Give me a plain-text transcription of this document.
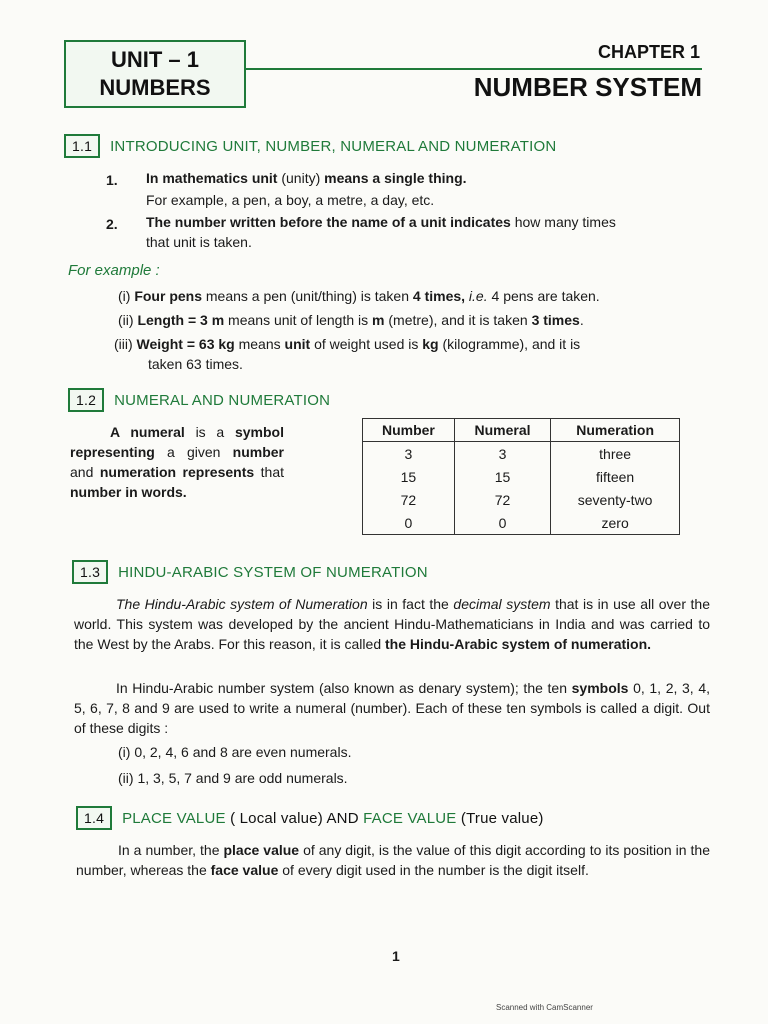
UNIT – 1
NUMBERS
CHAPTER 1
NUMBER SYSTEM
1.1	INTRODUCING UNIT, NUMBER, NUMERAL AND NUMERATION
1. In mathematics unit (unity) means a single thing.
For example, a pen, a boy, a metre, a day, etc.
2. The number written before the name of a unit indicates how many times
that unit is taken.
For example :
(i) Four pens means a pen (unit/thing) is taken 4 times, i.e. 4 pens are taken.
(ii) Length = 3 m means unit of length is m (metre), and it is taken 3 times.
(iii) Weight = 63 kg means unit of weight used is kg (kilogramme), and it is
taken 63 times.
1.2	NUMERAL AND NUMERATION
A numeral is a symbol representing a given number and numeration represents that number in words.
Number	Numeral	Numeration
3	3	three
15	15	fifteen
72	72	seventy-two
0	0	zero
1.3	HINDU-ARABIC SYSTEM OF NUMERATION
The Hindu-Arabic system of Numeration is in fact the decimal system that is in use all over the world. This system was developed by the ancient Hindu-Mathematicians in India and was carried to the West by the Arabs. For this reason, it is called the Hindu-Arabic system of numeration.
In Hindu-Arabic number system (also known as denary system); the ten symbols 0, 1, 2, 3, 4, 5, 6, 7, 8 and 9 are used to write a numeral (number). Each of these ten symbols is called a digit. Out of these digits :
(i) 0, 2, 4, 6 and 8 are even numerals.
(ii) 1, 3, 5, 7 and 9 are odd numerals.
1.4	PLACE VALUE ( Local value) AND FACE VALUE (True value)
In a number, the place value of any digit, is the value of this digit according to its position in the number, whereas the face value of every digit used in the number is the digit itself.
1
Scanned with CamScanner
